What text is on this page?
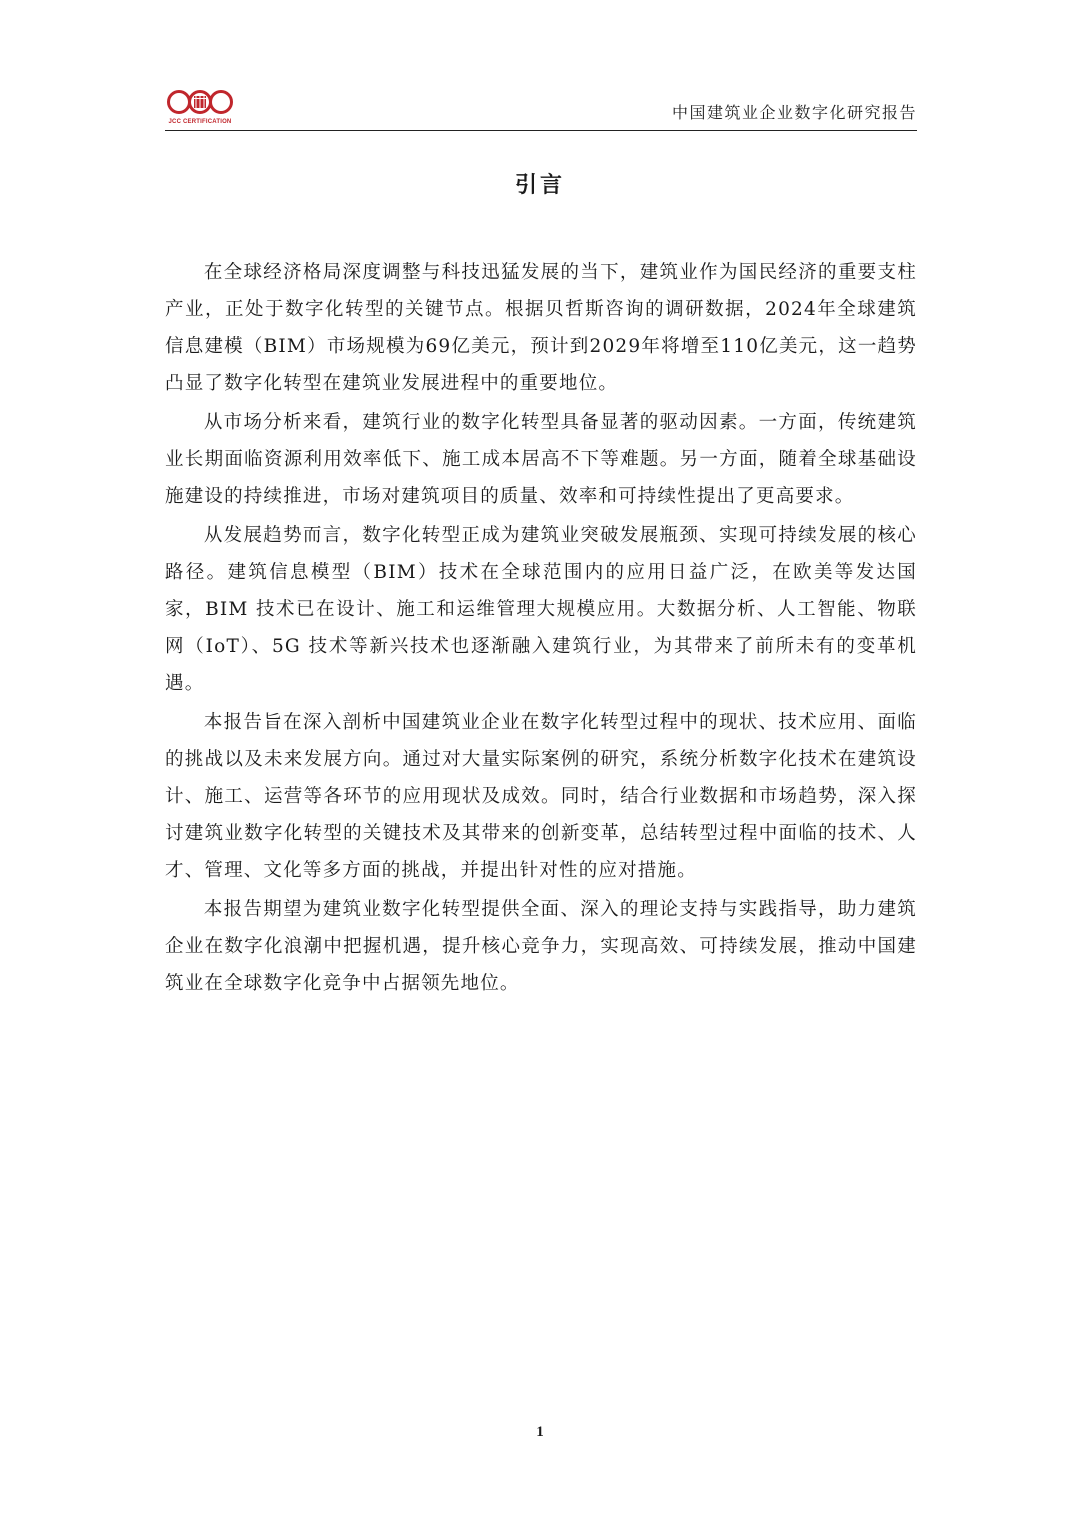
JCC CERTIFICATION	中国建筑业企业数字化研究报告
引言

在全球经济格局深度调整与科技迅猛发展的当下，建筑业作为国民经济的重要支柱产业，正处于数字化转型的关键节点。根据贝哲斯咨询的调研数据，2024年全球建筑信息建模（BIM）市场规模为69亿美元，预计到2029年将增至110亿美元，这一趋势凸显了数字化转型在建筑业发展进程中的重要地位。

从市场分析来看，建筑行业的数字化转型具备显著的驱动因素。一方面，传统建筑业长期面临资源利用效率低下、施工成本居高不下等难题。另一方面，随着全球基础设施建设的持续推进，市场对建筑项目的质量、效率和可持续性提出了更高要求。

从发展趋势而言，数字化转型正成为建筑业突破发展瓶颈、实现可持续发展的核心路径。建筑信息模型（BIM）技术在全球范围内的应用日益广泛，在欧美等发达国家，BIM 技术已在设计、施工和运维管理大规模应用。大数据分析、人工智能、物联网（IoT）、5G 技术等新兴技术也逐渐融入建筑行业，为其带来了前所未有的变革机遇。

本报告旨在深入剖析中国建筑业企业在数字化转型过程中的现状、技术应用、面临的挑战以及未来发展方向。通过对大量实际案例的研究，系统分析数字化技术在建筑设计、施工、运营等各环节的应用现状及成效。同时，结合行业数据和市场趋势，深入探讨建筑业数字化转型的关键技术及其带来的创新变革，总结转型过程中面临的技术、人才、管理、文化等多方面的挑战，并提出针对性的应对措施。

本报告期望为建筑业数字化转型提供全面、深入的理论支持与实践指导，助力建筑企业在数字化浪潮中把握机遇，提升核心竞争力，实现高效、可持续发展，推动中国建筑业在全球数字化竞争中占据领先地位。

1
